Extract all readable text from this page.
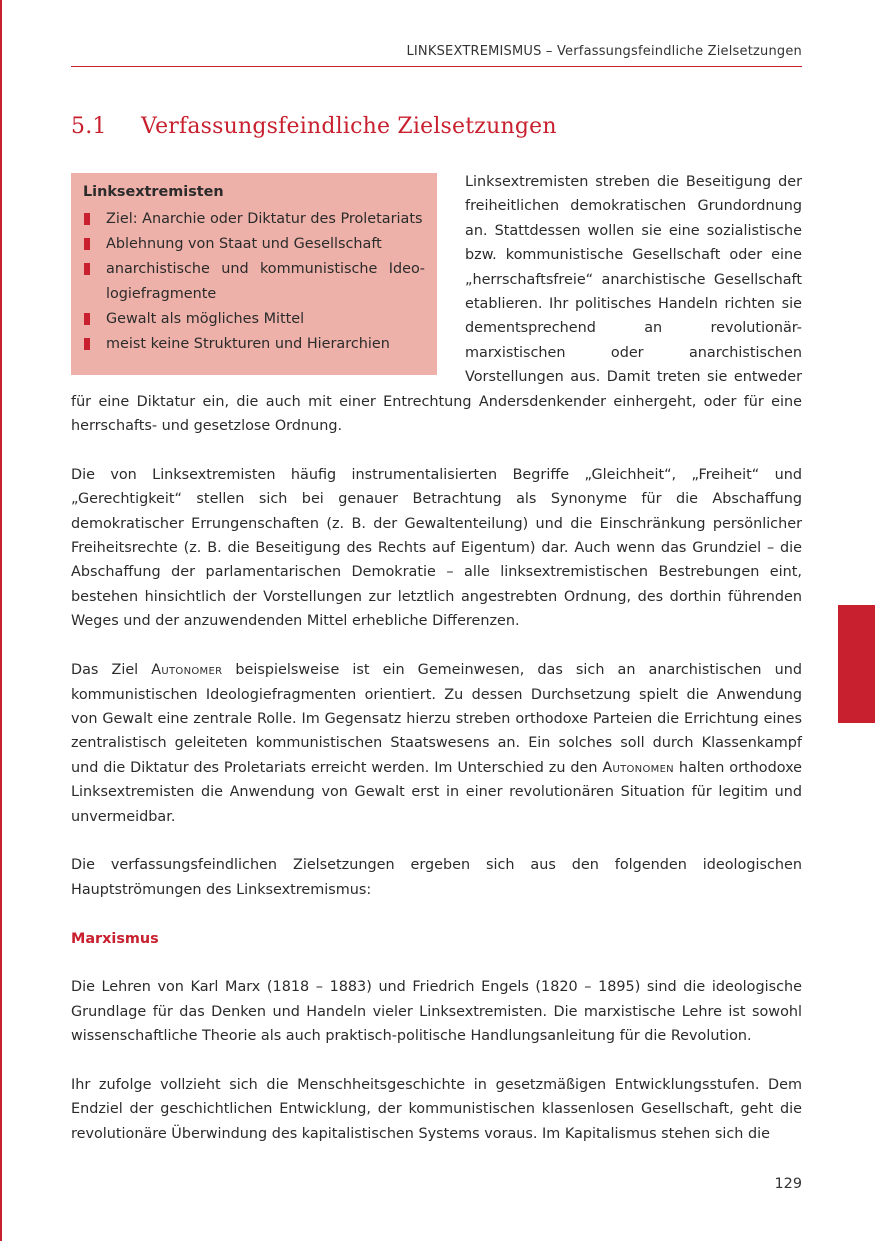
LINKSEXTREMISMUS – Verfassungsfeindliche Zielsetzungen
5.1 Verfassungsfeindliche Zielsetzungen
Linksextremisten
Ziel: Anarchie oder Diktatur des Proletariats
Ablehnung von Staat und Gesellschaft
anarchistische und kommunistische Ideologiefragmente
Gewalt als mögliches Mittel
meist keine Strukturen und Hierarchien

Linksextremisten streben die Beseitigung der freiheitlichen demokratischen Grundordnung an. Stattdessen wollen sie eine sozialistische bzw. kommunistische Gesellschaft oder eine „herrschaftsfreie“ anarchistische Gesellschaft etablieren. Ihr politisches Handeln richten sie dementsprechend an revolutionär-marxistischen oder anarchistischen Vorstellungen aus. Damit treten sie entweder für eine Diktatur ein, die auch mit einer Entrechtung Andersdenkender einhergeht, oder für eine herrschafts- und gesetzlose Ordnung.

Die von Linksextremisten häufig instrumentalisierten Begriffe „Gleichheit“, „Freiheit“ und „Gerechtigkeit“ stellen sich bei genauer Betrachtung als Synonyme für die Abschaffung demokratischer Errungenschaften (z. B. der Gewaltenteilung) und die Einschränkung persönlicher Freiheitsrechte (z. B. die Beseitigung des Rechts auf Eigentum) dar. Auch wenn das Grundziel – die Abschaffung der parlamentarischen Demokratie – alle linksextremistischen Bestrebungen eint, bestehen hinsichtlich der Vorstellungen zur letztlich angestrebten Ordnung, des dorthin führenden Weges und der anzuwendenden Mittel erhebliche Differenzen.

Das Ziel Autonomer beispielsweise ist ein Gemeinwesen, das sich an anarchistischen und kommunistischen Ideologiefragmenten orientiert. Zu dessen Durchsetzung spielt die Anwendung von Gewalt eine zentrale Rolle. Im Gegensatz hierzu streben orthodoxe Parteien die Errichtung eines zentralistisch geleiteten kommunistischen Staatswesens an. Ein solches soll durch Klassenkampf und die Diktatur des Proletariats erreicht werden. Im Unterschied zu den Autonomen halten orthodoxe Linksextremisten die Anwendung von Gewalt erst in einer revolutionären Situation für legitim und unvermeidbar.

Die verfassungsfeindlichen Zielsetzungen ergeben sich aus den folgenden ideologischen Hauptströmungen des Linksextremismus:

Marxismus

Die Lehren von Karl Marx (1818 – 1883) und Friedrich Engels (1820 – 1895) sind die ideologische Grundlage für das Denken und Handeln vieler Linksextremisten. Die marxistische Lehre ist sowohl wissenschaftliche Theorie als auch praktisch-politische Handlungsanleitung für die Revolution.

Ihr zufolge vollzieht sich die Menschheitsgeschichte in gesetzmäßigen Entwicklungsstufen. Dem Endziel der geschichtlichen Entwicklung, der kommunistischen klassenlosen Gesellschaft, geht die revolutionäre Überwindung des kapitalistischen Systems voraus. Im Kapitalismus stehen sich die

129
